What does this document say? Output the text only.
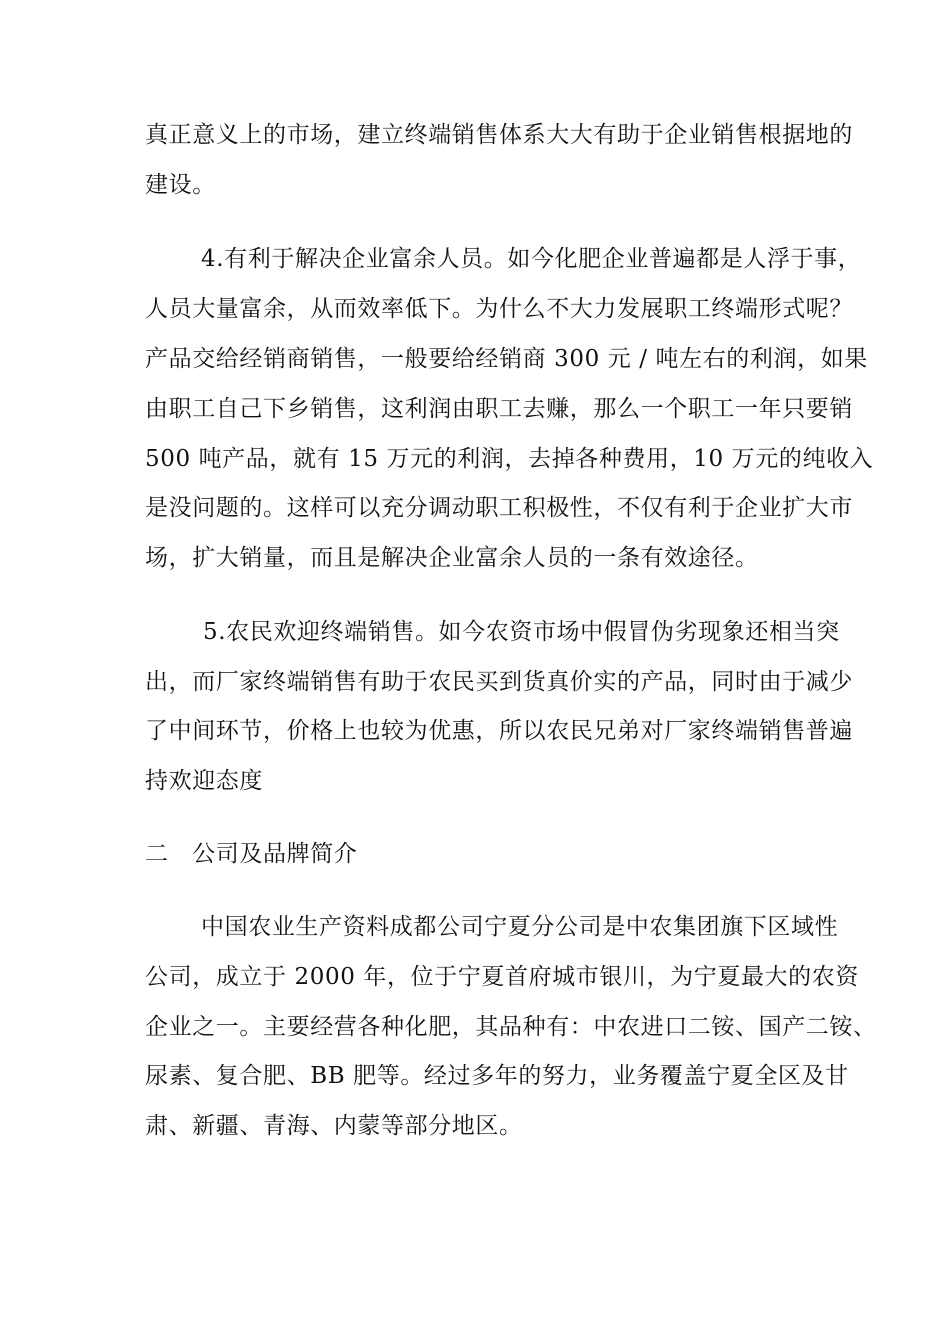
真正意义上的市场，建立终端销售体系大大有助于企业销售根据地的
建设。
4.有利于解决企业富余人员。如今化肥企业普遍都是人浮于事，
人员大量富余，从而效率低下。为什么不大力发展职工终端形式呢？
产品交给经销商销售，一般要给经销商 300 元 / 吨左右的利润，如果
由职工自己下乡销售，这利润由职工去赚，那么一个职工一年只要销
500 吨产品，就有 15 万元的利润，去掉各种费用，10 万元的纯收入
是没问题的。这样可以充分调动职工积极性，不仅有利于企业扩大市
场，扩大销量，而且是解决企业富余人员的一条有效途径。
5.农民欢迎终端销售。如今农资市场中假冒伪劣现象还相当突
出，而厂家终端销售有助于农民买到货真价实的产品，同时由于减少
了中间环节，价格上也较为优惠，所以农民兄弟对厂家终端销售普遍
持欢迎态度
二　公司及品牌简介
中国农业生产资料成都公司宁夏分公司是中农集团旗下区域性
公司，成立于 2000 年，位于宁夏首府城市银川，为宁夏最大的农资
企业之一。主要经营各种化肥，其品种有：中农进口二铵、国产二铵、
尿素、复合肥、BB 肥等。经过多年的努力，业务覆盖宁夏全区及甘
肃、新疆、青海、内蒙等部分地区。
